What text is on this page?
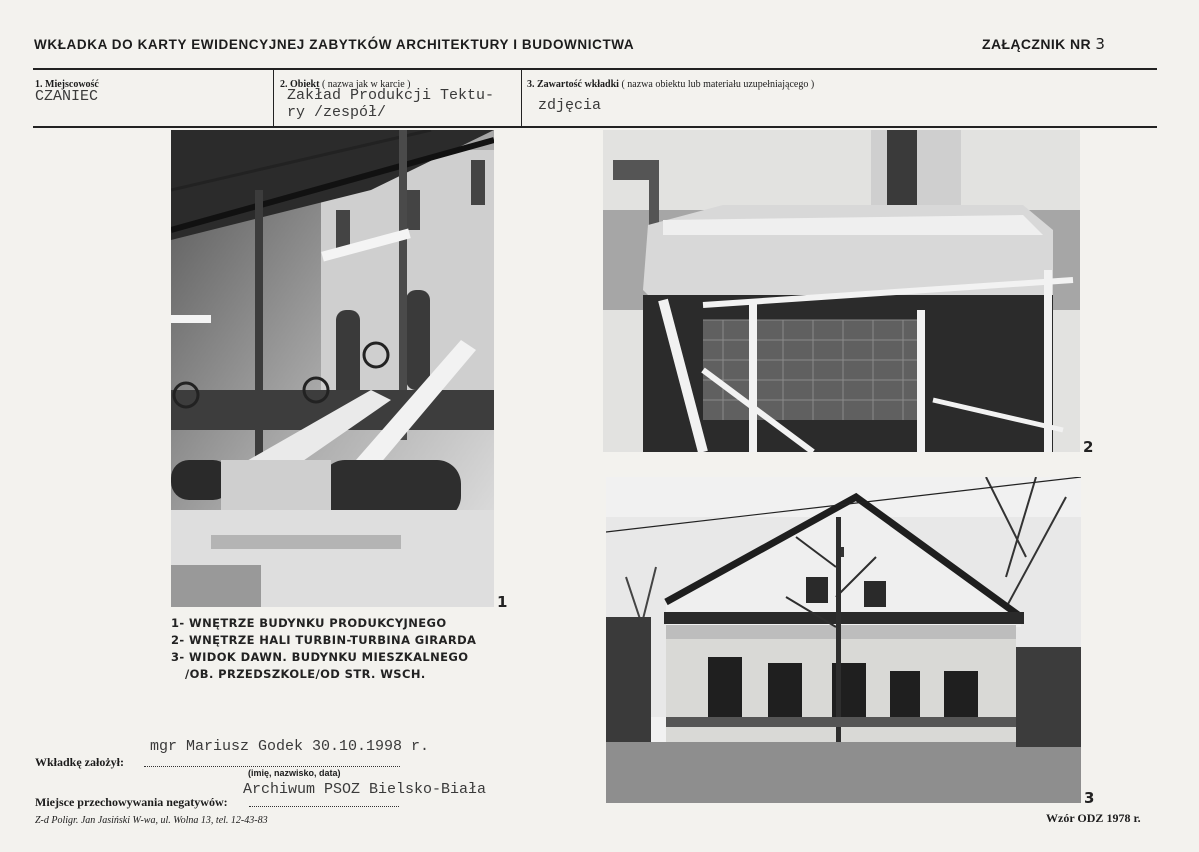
WKŁADKA DO KARTY EWIDENCYJNEJ ZABYTKÓW ARCHITEKTURY I BUDOWNICTWA	ZAŁĄCZNIK NR 3
1. Miejscowość
CZANIEC
2. Obiekt ( nazwa jak w karcie )
Zakład Produkcji Tektu-
ry /zespół/
3. Zawartość wkładki ( nazwa obiektu lub materiału uzupełniającego )
zdjęcia
1
2
3
1- WNĘTRZE BUDYNKU PRODUKCYJNEGO
2- WNĘTRZE HALI TURBIN-TURBINA GIRARDA
3- WIDOK DAWN. BUDYNKU MIESZKALNEGO
/OB. PRZEDSZKOLE/OD STR. WSCH.
mgr Mariusz Godek 30.10.1998 r.
Wkładkę założył:
(imię, nazwisko, data)
Archiwum PSOZ Bielsko-Biała
Miejsce przechowywania negatywów:
Z-d Poligr. Jan Jasiński W-wa, ul. Wolna 13, tel. 12-43-83	Wzór ODZ 1978 r.
